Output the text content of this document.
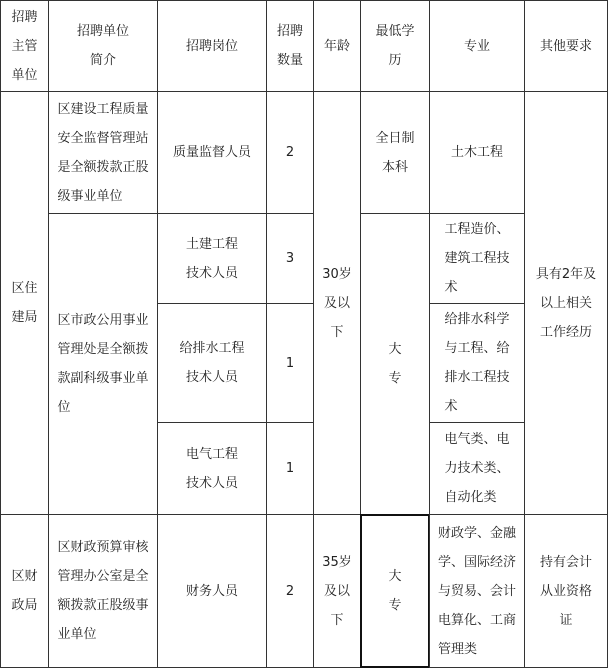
招聘
主管
单位
招聘单位
简介
招聘岗位
招聘
数量
年龄
最低学
历
专业	其他要求
区住
建局
区建设工程质量
安全监督管理站
是全额拨款正股
级事业单位
区市政公用事业
管理处是全额拨
款副科级事业单
位
质量监督人员
土建工程
技术人员
给排水工程
技术人员
电气工程
技术人员
2
3
1
1
30岁
及以
下
全日制
本科
大
专
土木工程
工程造价、
建筑工程技
术
给排水科学
与工程、给
排水工程技
术
电气类、电
力技术类、
自动化类
具有2年及
以上相关
工作经历
区财
政局
区财政预算审核
管理办公室是全
额拨款正股级事
业单位
财务人员	2
35岁
及以
下
大
专
财政学、金融
学、国际经济
与贸易、会计
电算化、工商
管理类
持有会计
从业资格
证
